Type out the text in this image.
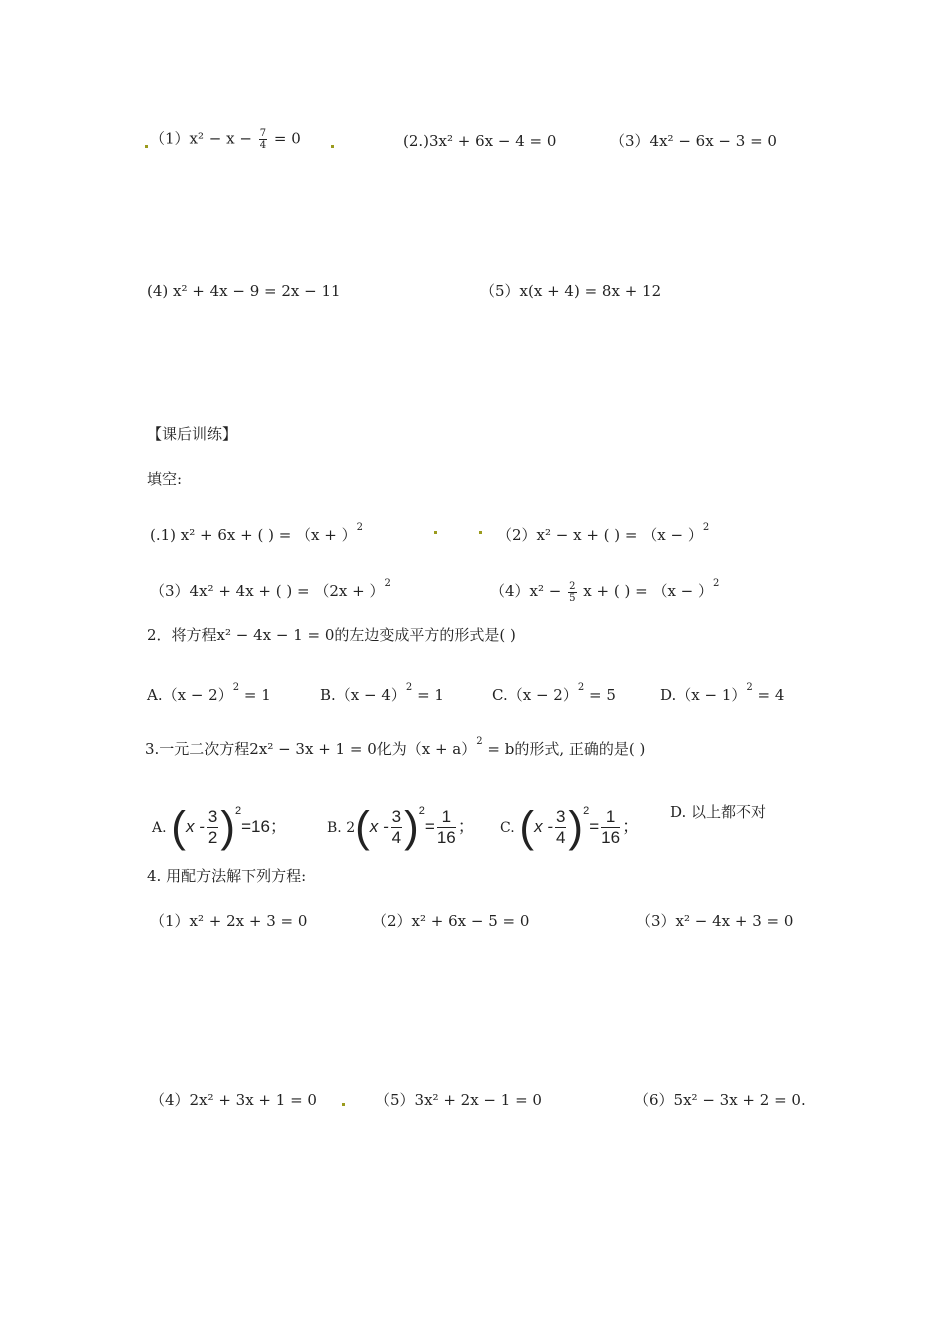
$(1)x^2 - x - \frac{7}{4} = 0$	(2.)3x² + 6x − 4 = 0	（3）4x² − 6x − 3 = 0
(4) x² + 4x − 9 = 2x − 11	（5）x(x + 4) = 8x + 12
【课后训练】
填空:
(.1) x² + 6x + ( ) = $(x + )^2$	（2）x² − x + ( ) = $(x - )^2$
（3）4x² + 4x + ( ) = $(2x + )^2$	$(4)x^2 - \frac{2}{5}$ x + ( ) = $(x - )^2$
2．将方程x² − 4x − 1 = 0的左边变成平方的形式是( )
$A.(x - 2)^2 = 1$	$B.(x - 4)^2 = 1$	$C.(x - 2)^2 = 5$	$D.(x - 1)^2 = 4$
3.一元二次方程2x² − 3x + 1 = 0化为$(x + a)^2 = b$的形式, 正确的是( )
A. $(x - \frac{3}{2} )^2=16$；	B. $2(x - \frac{3}{4} )^2= \frac{1}{16}$ ； C. $(x - \frac{3}{4} )^2= \frac{1}{16}$ ；
D. 以上都不对
4. 用配方法解下列方程:
（1）x² + 2x + 3 = 0	（2）x² + 6x − 5 = 0	（3）x² − 4x + 3 = 0
（4）2x² + 3x + 1 = 0	（5）3x² + 2x − 1 = 0	（6）5x² − 3x + 2 = 0.
